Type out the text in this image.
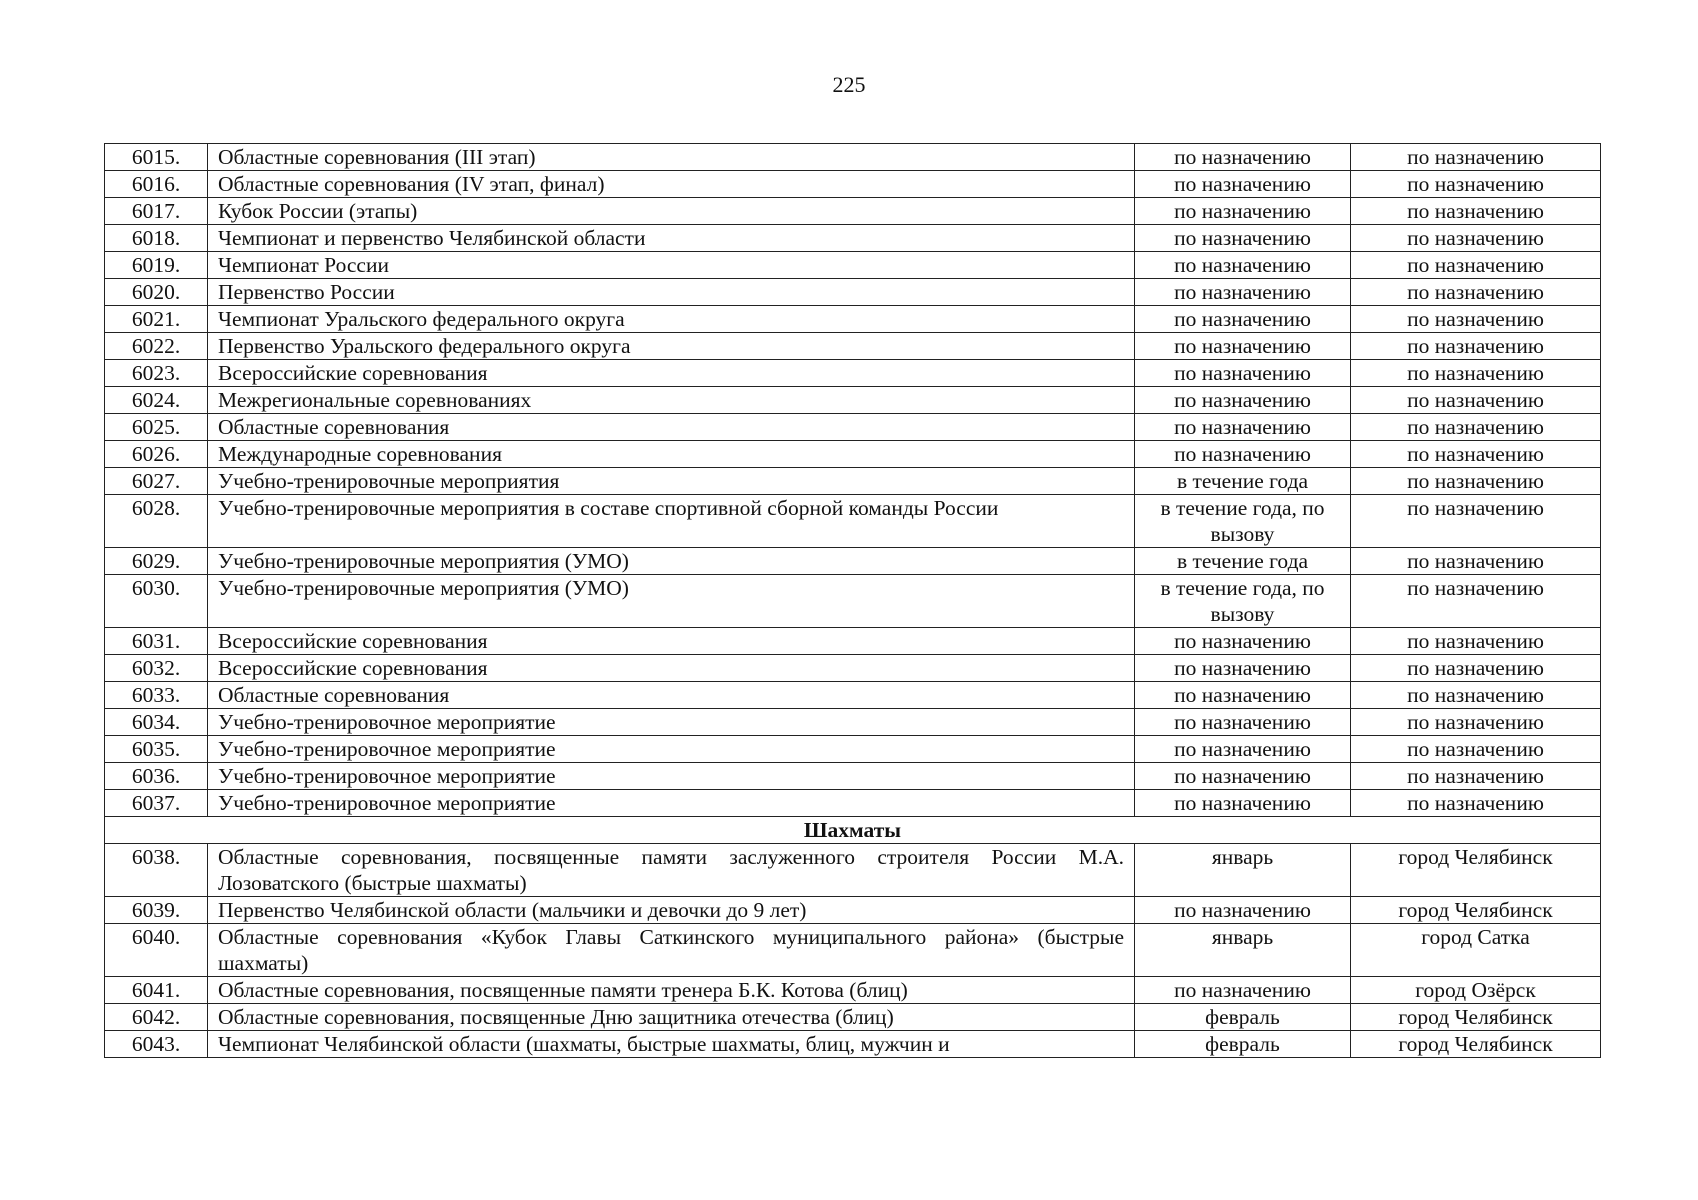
225
6015.	Областные соревнования (III этап)	по назначению	по назначению
6016.	Областные соревнования (IV этап, финал)	по назначению	по назначению
6017.	Кубок России (этапы)	по назначению	по назначению
6018.	Чемпионат и первенство Челябинской области	по назначению	по назначению
6019.	Чемпионат России	по назначению	по назначению
6020.	Первенство России	по назначению	по назначению
6021.	Чемпионат Уральского федерального округа	по назначению	по назначению
6022.	Первенство Уральского федерального округа	по назначению	по назначению
6023.	Всероссийские соревнования	по назначению	по назначению
6024.	Межрегиональные соревнованиях	по назначению	по назначению
6025.	Областные соревнования	по назначению	по назначению
6026.	Международные соревнования	по назначению	по назначению
6027.	Учебно-тренировочные мероприятия	в течение года	по назначению
6028.	Учебно-тренировочные мероприятия в составе спортивной сборной команды России	в течение года, по вызову	по назначению
6029.	Учебно-тренировочные мероприятия (УМО)	в течение года	по назначению
6030.	Учебно-тренировочные мероприятия (УМО)	в течение года, по вызову	по назначению
6031.	Всероссийские соревнования	по назначению	по назначению
6032.	Всероссийские соревнования	по назначению	по назначению
6033.	Областные соревнования	по назначению	по назначению
6034.	Учебно-тренировочное мероприятие	по назначению	по назначению
6035.	Учебно-тренировочное мероприятие	по назначению	по назначению
6036.	Учебно-тренировочное мероприятие	по назначению	по назначению
6037.	Учебно-тренировочное мероприятие	по назначению	по назначению
Шахматы			
6038.	Областные соревнования, посвященные памяти заслуженного строителя России М.А. Лозоватского (быстрые шахматы)	январь	город Челябинск
6039.	Первенство Челябинской области (мальчики и девочки до 9 лет)	по назначению	город Челябинск
6040.	Областные соревнования «Кубок Главы Саткинского муниципального района» (быстрые шахматы)	январь	город Сатка
6041.	Областные соревнования, посвященные памяти тренера Б.К. Котова (блиц)	по назначению	город Озёрск
6042.	Областные соревнования, посвященные Дню защитника отечества (блиц)	февраль	город Челябинск
6043.	Чемпионат Челябинской области (шахматы, быстрые шахматы, блиц, мужчин и	февраль	город Челябинск
